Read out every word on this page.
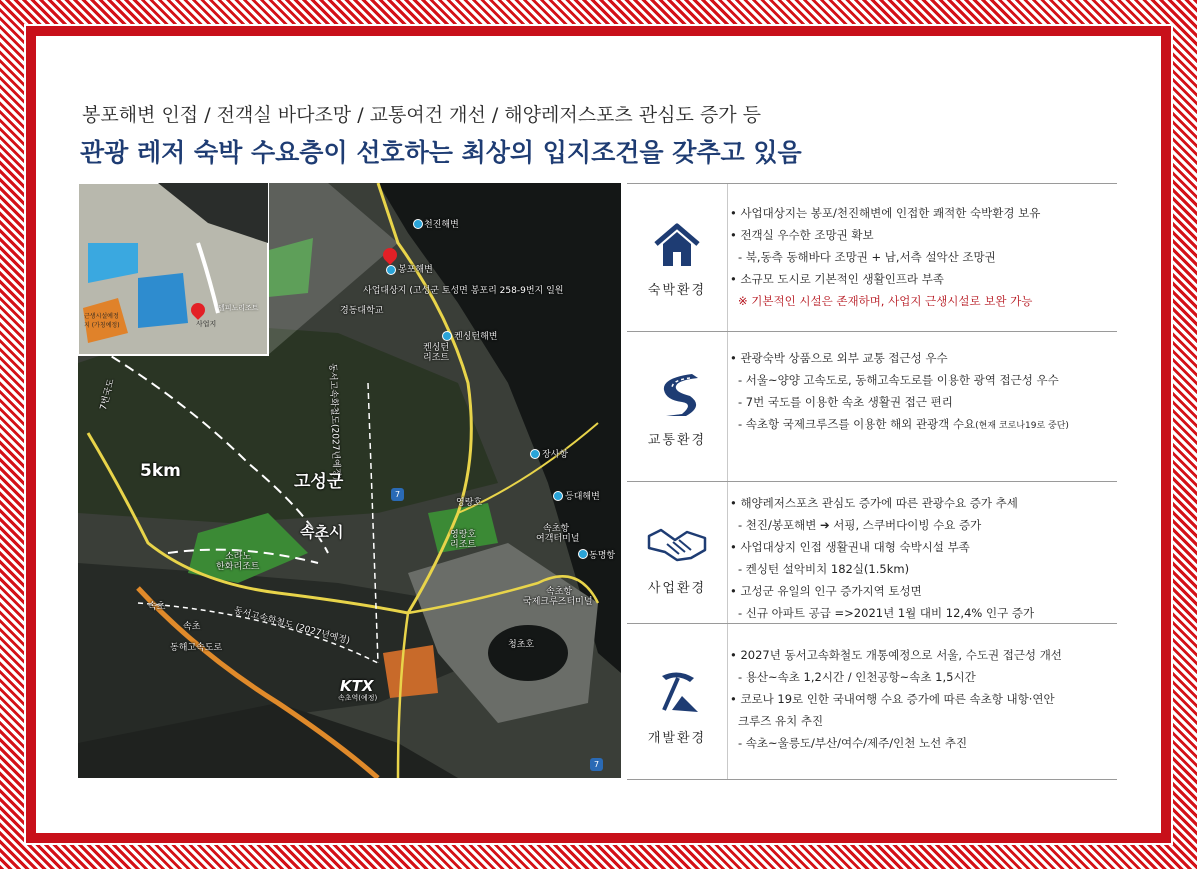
봉포해변 인접 / 전객실 바다조망 / 교통여건 개선 / 해양레저스포츠 관심도 증가 등
관광 레저 숙박 수요층이 선호하는 최상의 입지조건을 갖추고 있음
천진해변
봉포해변
사업대상지 (고성군 토성면 봉포리 258-9번지 일원
경동대학교
켄싱턴해변
켄싱턴
리조트
동서고속화철도(2027년예정)
7번국도
5km
고성군
속초시
7
장사항
등대해변
영랑호
영랑호
리조트
속초항
여객터미널
동명항
속초항
국제크루즈터미널
소라노
한화리조트
속초
속초
동해고속도로
동서고속화철도 (2027년예정)	청초호
KTX
속초역(예정)
7
사업지
델피노리조트
근생시설예정지 (가칭예정)
숙박환경
• 사업대상지는 봉포/천진해변에 인접한 쾌적한 숙박환경 보유
• 전객실 우수한 조망권 확보
- 북,동측 동해바다 조망권 + 남,서측 설악산 조망권
• 소규모 도시로 기본적인 생활인프라 부족
※ 기본적인 시설은 존재하며, 사업지 근생시설로 보완 가능
교통환경
• 관광숙박 상품으로 외부 교통 접근성 우수
- 서울~양양 고속도로, 동해고속도로를 이용한 광역 접근성 우수
- 7번 국도를 이용한 속초 생활권 접근 편리
- 속초항 국제크루즈를 이용한 해외 관광객 수요(현재 코로나19로 중단)
사업환경
• 해양레저스포츠 관심도 증가에 따른 관광수요 증가 추세
- 천진/봉포해변 ➔ 서핑, 스쿠버다이빙 수요 증가
• 사업대상지 인접 생활권내 대형 숙박시설 부족
- 켄싱턴 설악비치 182실(1.5km)
• 고성군 유일의 인구 증가지역 토성면
- 신규 아파트 공급 =>2021년 1월 대비 12,4% 인구 증가
개발환경
• 2027년 동서고속화철도 개통예정으로 서울, 수도권 접근성 개선
- 용산~속초 1,2시간 / 인천공항~속초 1,5시간
• 코로나 19로 인한 국내여행 수요 증가에 따른 속초항 내항·연안
크루즈 유치 추진
- 속초~울릉도/부산/여수/제주/인천 노선 추진
